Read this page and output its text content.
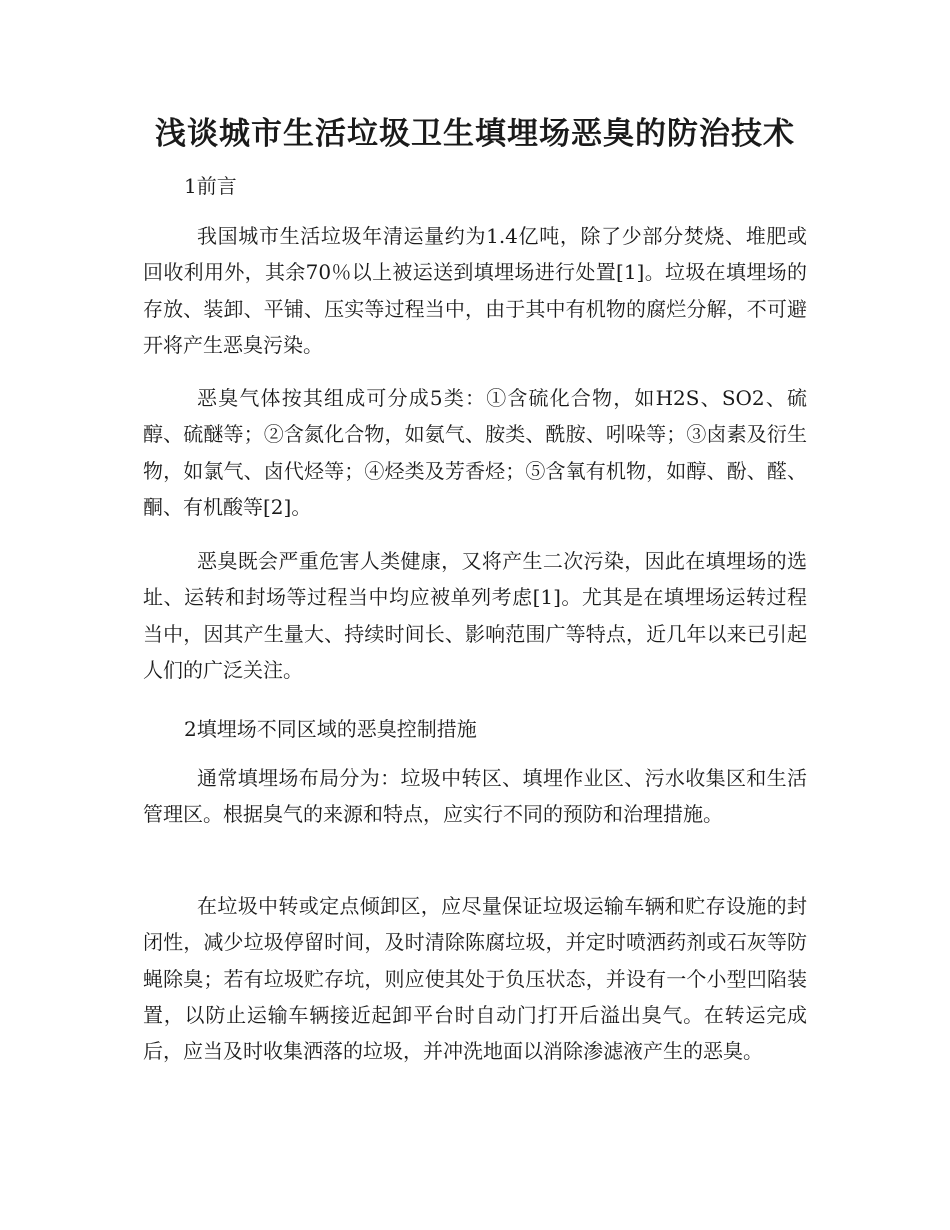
浅谈城市生活垃圾卫生填埋场恶臭的防治技术
1前言

我国城市生活垃圾年清运量约为1.4亿吨，除了少部分焚烧、堆肥或回收利用外，其余70％以上被运送到填埋场进行处置[1]。垃圾在填埋场的存放、装卸、平铺、压实等过程当中，由于其中有机物的腐烂分解，不可避开将产生恶臭污染。

恶臭气体按其组成可分成5类：①含硫化合物，如H2S、SO2、硫醇、硫醚等；②含氮化合物，如氨气、胺类、酰胺、吲哚等；③卤素及衍生物，如氯气、卤代烃等；④烃类及芳香烃；⑤含氧有机物，如醇、酚、醛、酮、有机酸等[2]。

恶臭既会严重危害人类健康，又将产生二次污染，因此在填埋场的选址、运转和封场等过程当中均应被单列考虑[1]。尤其是在填埋场运转过程当中，因其产生量大、持续时间长、影响范围广等特点，近几年以来已引起人们的广泛关注。

2填埋场不同区域的恶臭控制措施

通常填埋场布局分为：垃圾中转区、填埋作业区、污水收集区和生活管理区。根据臭气的来源和特点，应实行不同的预防和治理措施。

在垃圾中转或定点倾卸区，应尽量保证垃圾运输车辆和贮存设施的封闭性，减少垃圾停留时间，及时清除陈腐垃圾，并定时喷洒药剂或石灰等防蝇除臭；若有垃圾贮存坑，则应使其处于负压状态，并设有一个小型凹陷装置，以防止运输车辆接近起卸平台时自动门打开后溢出臭气。在转运完成后，应当及时收集洒落的垃圾，并冲洗地面以消除渗滤液产生的恶臭。
